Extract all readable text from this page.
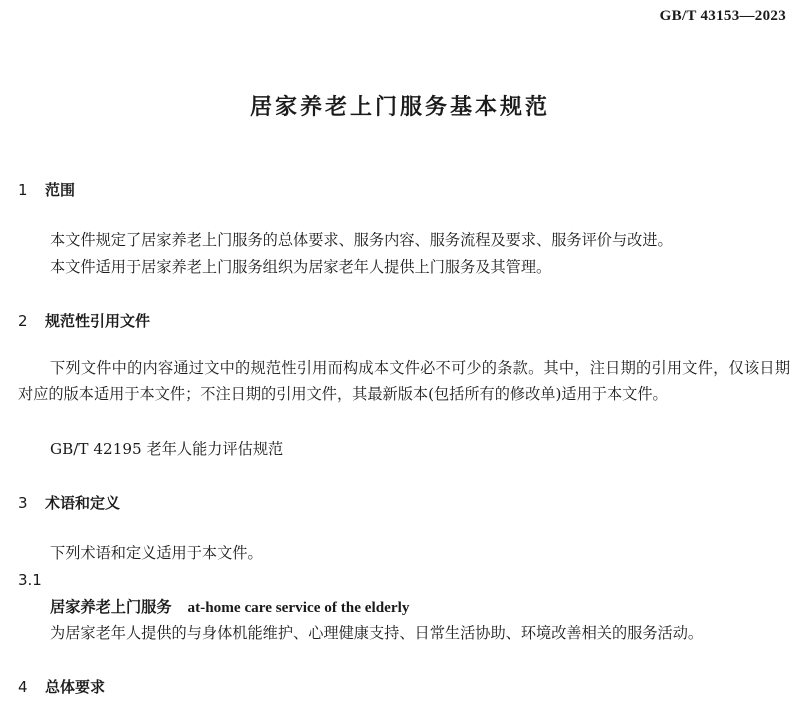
GB/T 43153—2023
居家养老上门服务基本规范
1 范围
本文件规定了居家养老上门服务的总体要求、服务内容、服务流程及要求、服务评价与改进。
本文件适用于居家养老上门服务组织为居家老年人提供上门服务及其管理。
2 规范性引用文件
下列文件中的内容通过文中的规范性引用而构成本文件必不可少的条款。其中，注日期的引用文件，仅该日期对应的版本适用于本文件；不注日期的引用文件，其最新版本(包括所有的修改单)适用于本文件。
GB/T 42195 老年人能力评估规范
3 术语和定义
下列术语和定义适用于本文件。
3.1
居家养老上门服务 at-home care service of the elderly
为居家老年人提供的与身体机能维护、心理健康支持、日常生活协助、环境改善相关的服务活动。
4 总体要求
